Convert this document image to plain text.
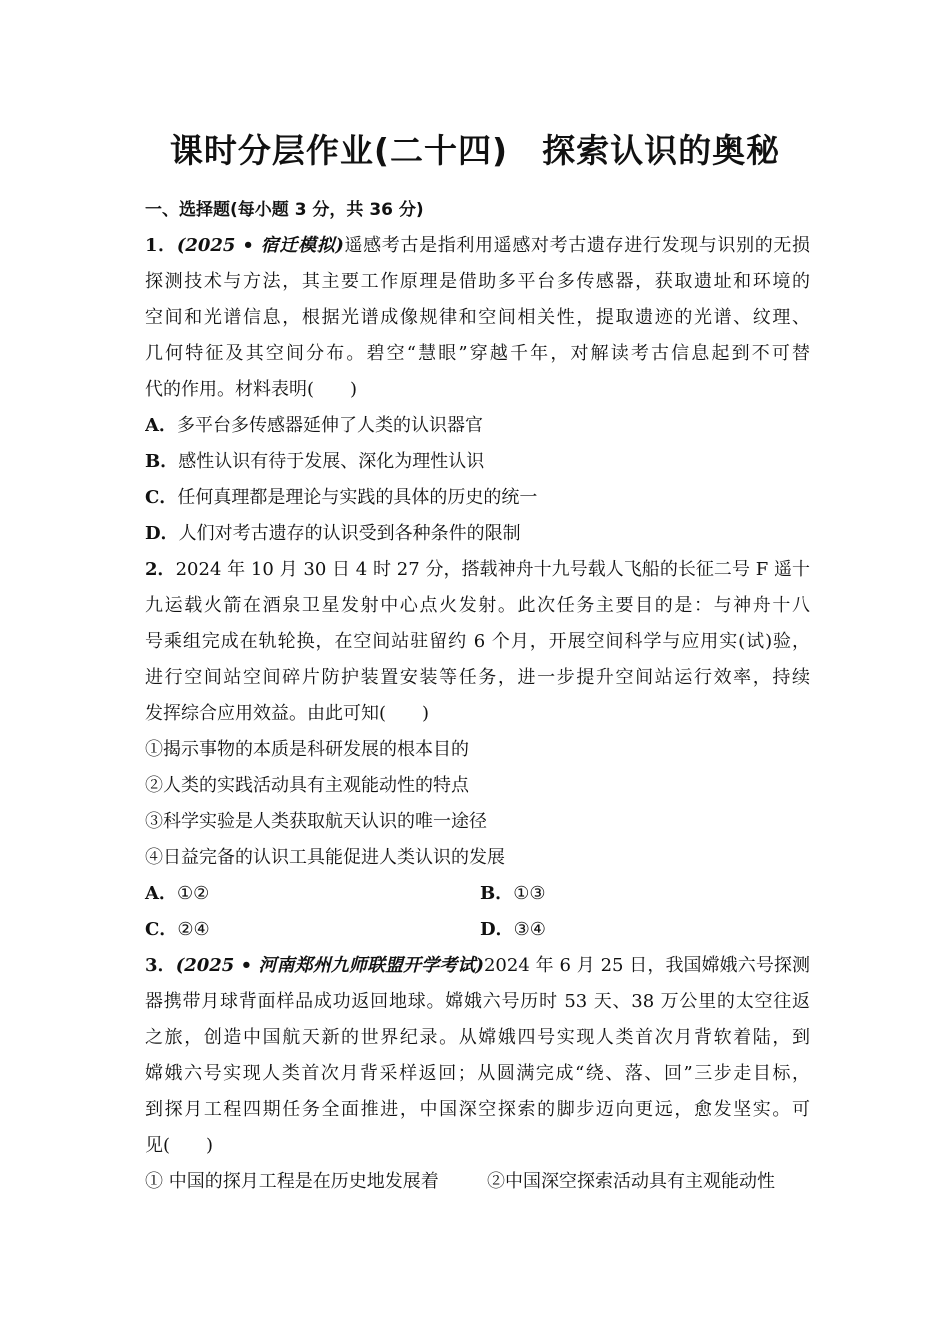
课时分层作业(二十四)　探索认识的奥秘
一、选择题(每小题 3 分，共 36 分)
1．(2025 • 宿迁模拟)遥感考古是指利用遥感对考古遗存进行发现与识别的无损
探测技术与方法，其主要工作原理是借助多平台多传感器，获取遗址和环境的
空间和光谱信息，根据光谱成像规律和空间相关性，提取遗迹的光谱、纹理、
几何特征及其空间分布。碧空“慧眼”穿越千年，对解读考古信息起到不可替
代的作用。材料表明(　　)
A．多平台多传感器延伸了人类的认识器官
B．感性认识有待于发展、深化为理性认识
C．任何真理都是理论与实践的具体的历史的统一
D．人们对考古遗存的认识受到各种条件的限制
2．2024 年 10 月 30 日 4 时 27 分，搭载神舟十九号载人飞船的长征二号 F 遥十
九运载火箭在酒泉卫星发射中心点火发射。此次任务主要目的是：与神舟十八
号乘组完成在轨轮换，在空间站驻留约 6 个月，开展空间科学与应用实(试)验，
进行空间站空间碎片防护装置安装等任务，进一步提升空间站运行效率，持续
发挥综合应用效益。由此可知(　　)
①揭示事物的本质是科研发展的根本目的
②人类的实践活动具有主观能动性的特点
③科学实验是人类获取航天认识的唯一途径
④日益完备的认识工具能促进人类认识的发展
A．①②	B．①③
C．②④	D．③④
3．(2025 • 河南郑州九师联盟开学考试)2024 年 6 月 25 日，我国嫦娥六号探测
器携带月球背面样品成功返回地球。嫦娥六号历时 53 天、38 万公里的太空往返
之旅，创造中国航天新的世界纪录。从嫦娥四号实现人类首次月背软着陆，到
嫦娥六号实现人类首次月背采样返回；从圆满完成“绕、落、回”三步走目标，
到探月工程四期任务全面推进，中国深空探索的脚步迈向更远，愈发坚实。可
见(　　)
① 中国的探月工程是在历史地发展着	②中国深空探索活动具有主观能动性
